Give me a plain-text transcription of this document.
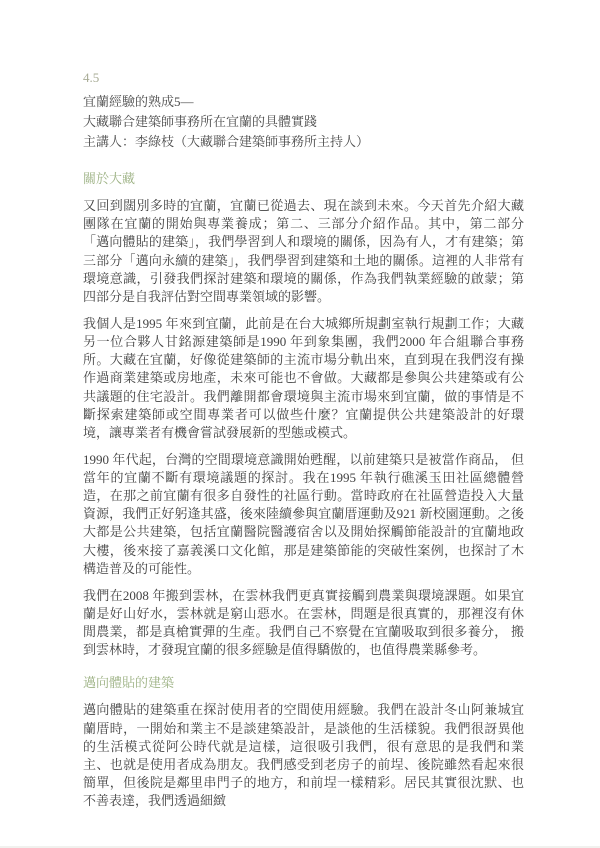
4.5
宜蘭經驗的熟成5—
大藏聯合建築師事務所在宜蘭的具體實踐
主講人：李綠枝（大藏聯合建築師事務所主持人）
關於大藏

又回到闊別多時的宜蘭，宜蘭已從過去、現在談到未來。今天首先介紹大藏團隊在宜蘭的開始與專業養成；第二、三部分介紹作品。其中，第二部分「邁向體貼的建築」，我們學習到人和環境的關係，因為有人，才有建築；第三部分「邁向永續的建築」，我們學習到建築和土地的關係。這裡的人非常有環境意識，引發我們探討建築和環境的關係，作為我們執業經驗的啟蒙；第四部分是自我評估對空間專業領域的影響。

我個人是1995 年來到宜蘭，此前是在台大城鄉所規劃室執行規劃工作；大藏另一位合夥人甘銘源建築師是1990 年到象集團，我們2000 年合組聯合事務所。大藏在宜蘭，好像從建築師的主流市場分軌出來，直到現在我們沒有操作過商業建築或房地產，未來可能也不會做。大藏都是參與公共建築或有公共議題的住宅設計。我們離開都會環境與主流市場來到宜蘭，做的事情是不斷探索建築師或空間專業者可以做些什麼？宜蘭提供公共建築設計的好環境，讓專業者有機會嘗試發展新的型態或模式。

1990 年代起，台灣的空間環境意識開始甦醒，以前建築只是被當作商品， 但當年的宜蘭不斷有環境議題的探討。我在1995 年執行礁溪玉田社區總體營造，在那之前宜蘭有很多自發性的社區行動。當時政府在社區營造投入大量資源，我們正好躬逢其盛，後來陸續參與宜蘭厝運動及921 新校園運動。之後大都是公共建築，包括宜蘭醫院醫護宿舍以及開始探觸節能設計的宜蘭地政大樓，後來接了嘉義溪口文化館，那是建築節能的突破性案例，也探討了木構造普及的可能性。

我們在2008 年搬到雲林，在雲林我們更真實接觸到農業與環境課題。如果宜蘭是好山好水，雲林就是窮山惡水。在雲林，問題是很真實的，那裡沒有休閒農業，都是真槍實彈的生產。我們自己不察覺在宜蘭吸取到很多養分， 搬到雲林時，才發現宜蘭的很多經驗是值得驕傲的，也值得農業縣參考。

邁向體貼的建築

邁向體貼的建築重在探討使用者的空間使用經驗。我們在設計冬山阿兼城宜蘭厝時，一開始和業主不是談建築設計，是談他的生活樣貌。我們很訝異他的生活模式從阿公時代就是這樣，這很吸引我們，很有意思的是我們和業主、也就是使用者成為朋友。我們感受到老房子的前埕、後院雖然看起來很簡單，但後院是鄰里串門子的地方，和前埕一樣精彩。居民其實很沈默、也不善表達，我們透過細緻
